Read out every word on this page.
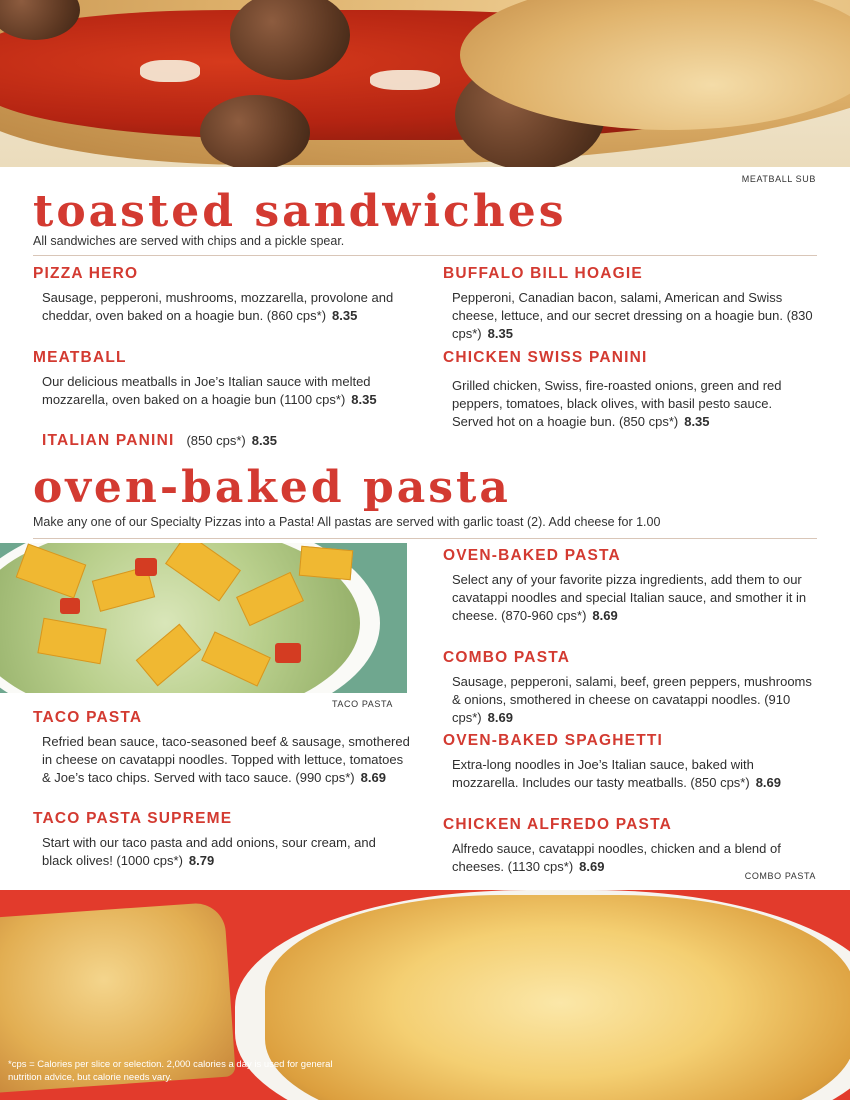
MEATBALL SUB
toasted sandwiches
All sandwiches are served with chips and a pickle spear.
PIZZA HERO
Sausage, pepperoni, mushrooms, mozzarella, provolone and cheddar, oven baked on a hoagie bun. (860 cps*) 8.35
MEATBALL
Our delicious meatballs in Joe’s Italian sauce with melted mozzarella, oven baked on a hoagie bun (1100 cps*) 8.35
ITALIAN PANINI (850 cps*) 8.35
BUFFALO BILL HOAGIE
Pepperoni, Canadian bacon, salami, American and Swiss cheese, lettuce, and our secret dressing on a hoagie bun. (830 cps*) 8.35
CHICKEN SWISS PANINI
Grilled chicken, Swiss, fire-roasted onions, green and red peppers, tomatoes, black olives, with basil pesto sauce. Served hot on a hoagie bun. (850 cps*) 8.35
oven-baked pasta
Make any one of our Specialty Pizzas into a Pasta! All pastas are served with garlic toast (2). Add cheese for 1.00
TACO PASTA
TACO PASTA
Refried bean sauce, taco-seasoned beef & sausage, smothered in cheese on cavatappi noodles. Topped with lettuce, tomatoes & Joe’s taco chips. Served with taco sauce. (990 cps*) 8.69
TACO PASTA SUPREME
Start with our taco pasta and add onions, sour cream, and black olives! (1000 cps*) 8.79
OVEN-BAKED PASTA
Select any of your favorite pizza ingredients, add them to our cavatappi noodles and special Italian sauce, and smother it in cheese. (870-960 cps*) 8.69
COMBO PASTA
Sausage, pepperoni, salami, beef, green peppers, mushrooms & onions, smothered in cheese on cavatappi noodles. (910 cps*) 8.69
OVEN-BAKED SPAGHETTI
Extra-long noodles in Joe’s Italian sauce, baked with mozzarella. Includes our tasty meatballs. (850 cps*) 8.69
CHICKEN ALFREDO PASTA
Alfredo sauce, cavatappi noodles, chicken and a blend of cheeses. (1130 cps*) 8.69
COMBO PASTA
*cps = Calories per slice or selection. 2,000 calories a day is used for general nutrition advice, but calorie needs vary.
